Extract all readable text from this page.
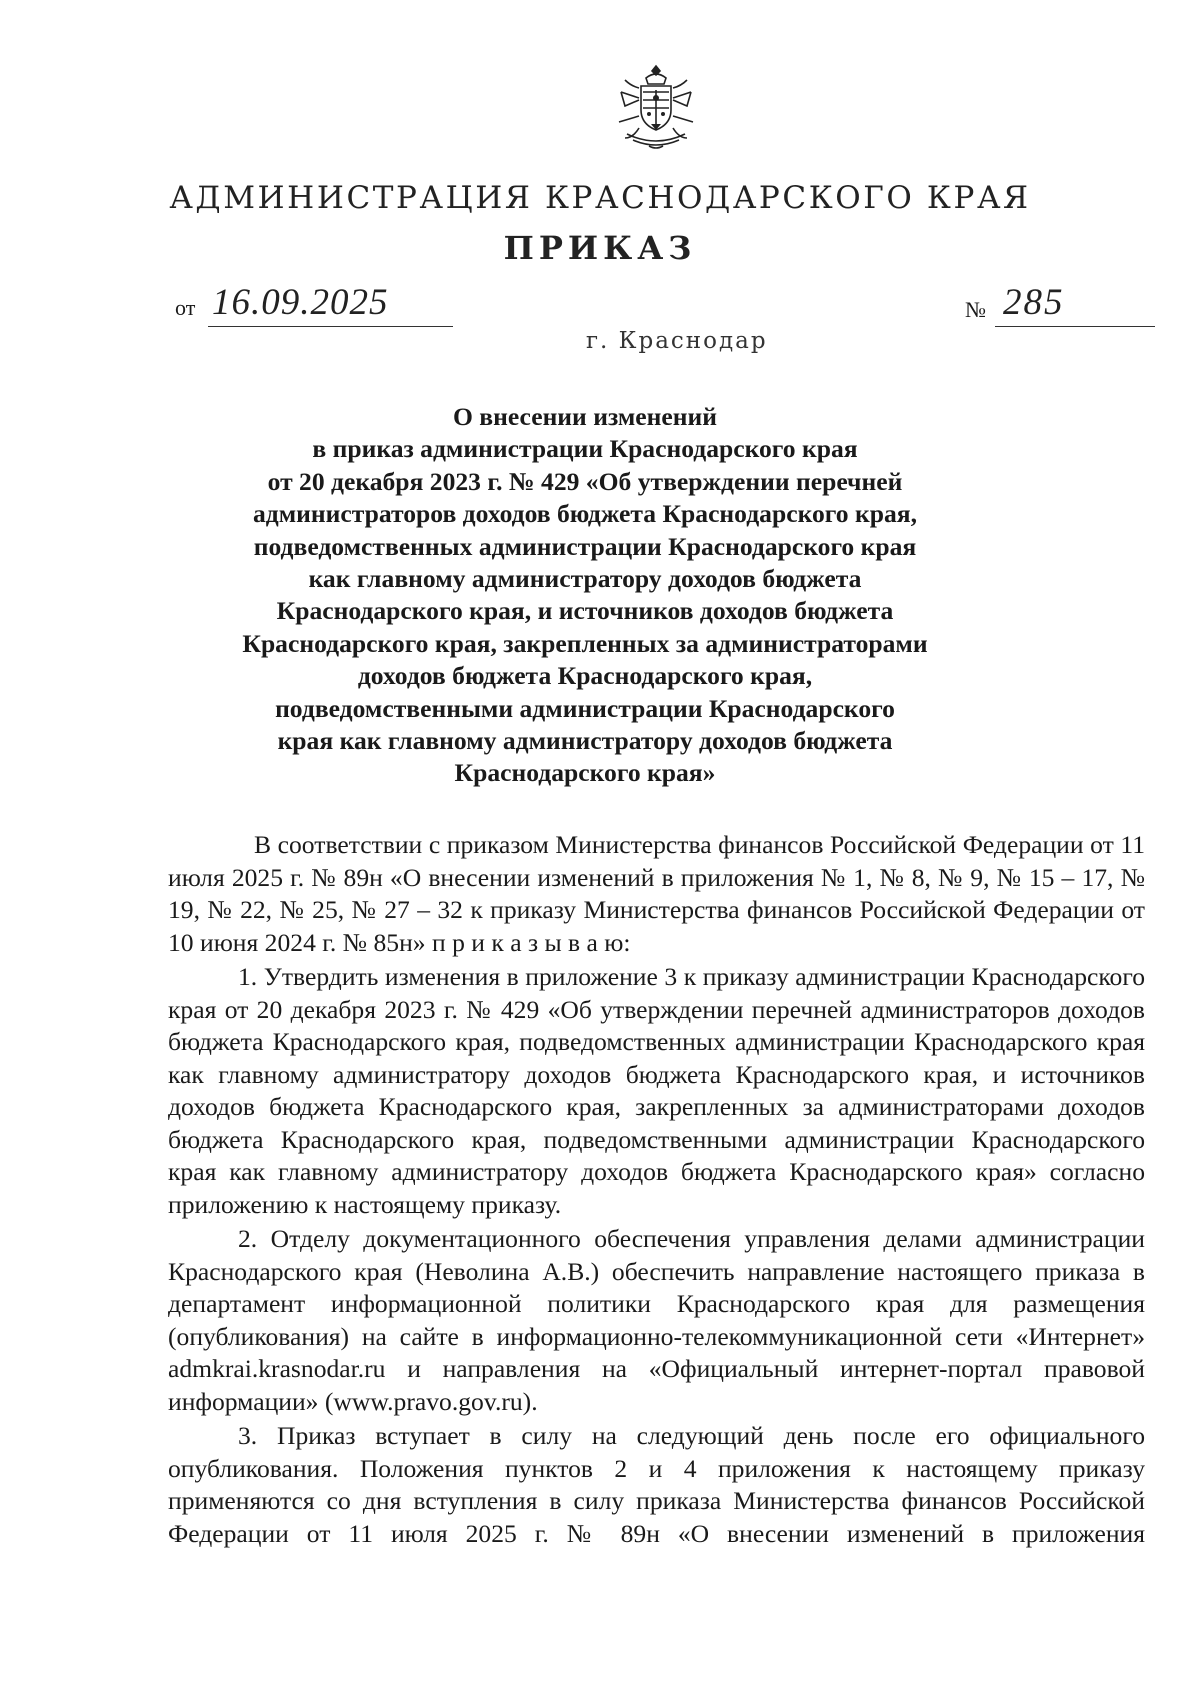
АДМИНИСТРАЦИЯ КРАСНОДАРСКОГО КРАЯ
ПРИКАЗ
от 16.09.2025	№ 285
г. Краснодар
О внесении изменений
в приказ администрации Краснодарского края
от 20 декабря 2023 г. № 429 «Об утверждении перечней
администраторов доходов бюджета Краснодарского края,
подведомственных администрации Краснодарского края
как главному администратору доходов бюджета
Краснодарского края, и источников доходов бюджета
Краснодарского края, закрепленных за администраторами
доходов бюджета Краснодарского края,
подведомственными администрации Краснодарского
края как главному администратору доходов бюджета
Краснодарского края»

В соответствии с приказом Министерства финансов Российской Федерации от 11 июля 2025 г. № 89н «О внесении изменений в приложения № 1, № 8, № 9, № 15 – 17, № 19, № 22, № 25, № 27 – 32 к приказу Министерства финансов Российской Федерации от 10 июня 2024 г. № 85н» п р и к а з ы в а ю:

1. Утвердить изменения в приложение 3 к приказу администрации Краснодарского края от 20 декабря 2023 г. № 429 «Об утверждении перечней администраторов доходов бюджета Краснодарского края, подведомственных администрации Краснодарского края как главному администратору доходов бюджета Краснодарского края, и источников доходов бюджета Краснодарского края, закрепленных за администраторами доходов бюджета Краснодарского края, подведомственными администрации Краснодарского края как главному администратору доходов бюджета Краснодарского края» согласно приложению к настоящему приказу.

2. Отделу документационного обеспечения управления делами администрации Краснодарского края (Неволина А.В.) обеспечить направление настоящего приказа в департамент информационной политики Краснодарского края для размещения (опубликования) на сайте в информационно-телекоммуникационной сети «Интернет» admkrai.krasnodar.ru и направления на «Официальный интернет-портал правовой информации» (www.pravo.gov.ru).

3. Приказ вступает в силу на следующий день после его официального опубликования. Положения пунктов 2 и 4 приложения к настоящему приказу применяются со дня вступления в силу приказа Министерства финансов Российской Федерации от 11 июля 2025 г. № 89н «О внесении изменений в приложения
